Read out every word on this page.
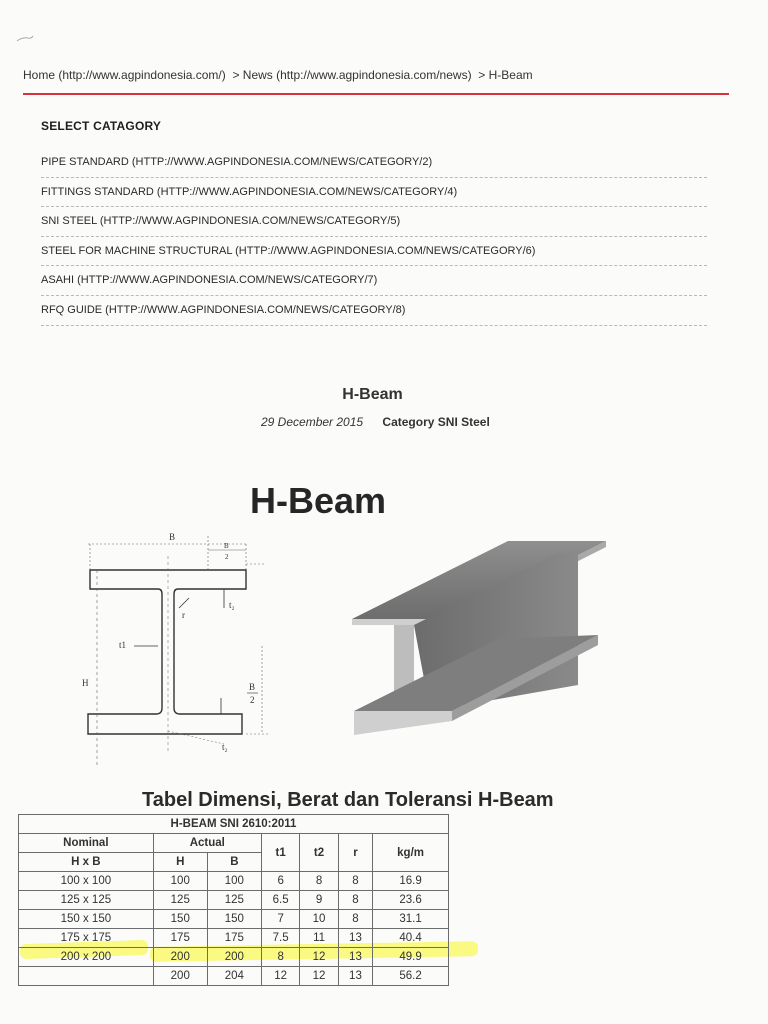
Home (http://www.agpindonesia.com/) > News (http://www.agpindonesia.com/news) > H-Beam
SELECT CATAGORY
PIPE STANDARD (HTTP://WWW.AGPINDONESIA.COM/NEWS/CATEGORY/2)
FITTINGS STANDARD (HTTP://WWW.AGPINDONESIA.COM/NEWS/CATEGORY/4)
SNI STEEL (HTTP://WWW.AGPINDONESIA.COM/NEWS/CATEGORY/5)
STEEL FOR MACHINE STRUCTURAL (HTTP://WWW.AGPINDONESIA.COM/NEWS/CATEGORY/6)
ASAHI (HTTP://WWW.AGPINDONESIA.COM/NEWS/CATEGORY/7)
RFQ GUIDE (HTTP://WWW.AGPINDONESIA.COM/NEWS/CATEGORY/8)
H-Beam
29 December 2015 Category SNI Steel
H-Beam
B
B
2
t₂
r
t1
H	B
2
t₂
Tabel Dimensi, Berat dan Toleransi H-Beam
H-BEAM SNI 2610:2011						
Nominal	Actual		t1	t2	r	kg/m
H x B	H	B				
100 x 100	100	100	6	8	8	16.9
125 x 125	125	125	6.5	9	8	23.6
150 x 150	150	150	7	10	8	31.1
175 x 175	175	175	7.5	11	13	40.4
200 x 200	200	200	8	12	13	49.9
	200	204	12	12	13	56.2
